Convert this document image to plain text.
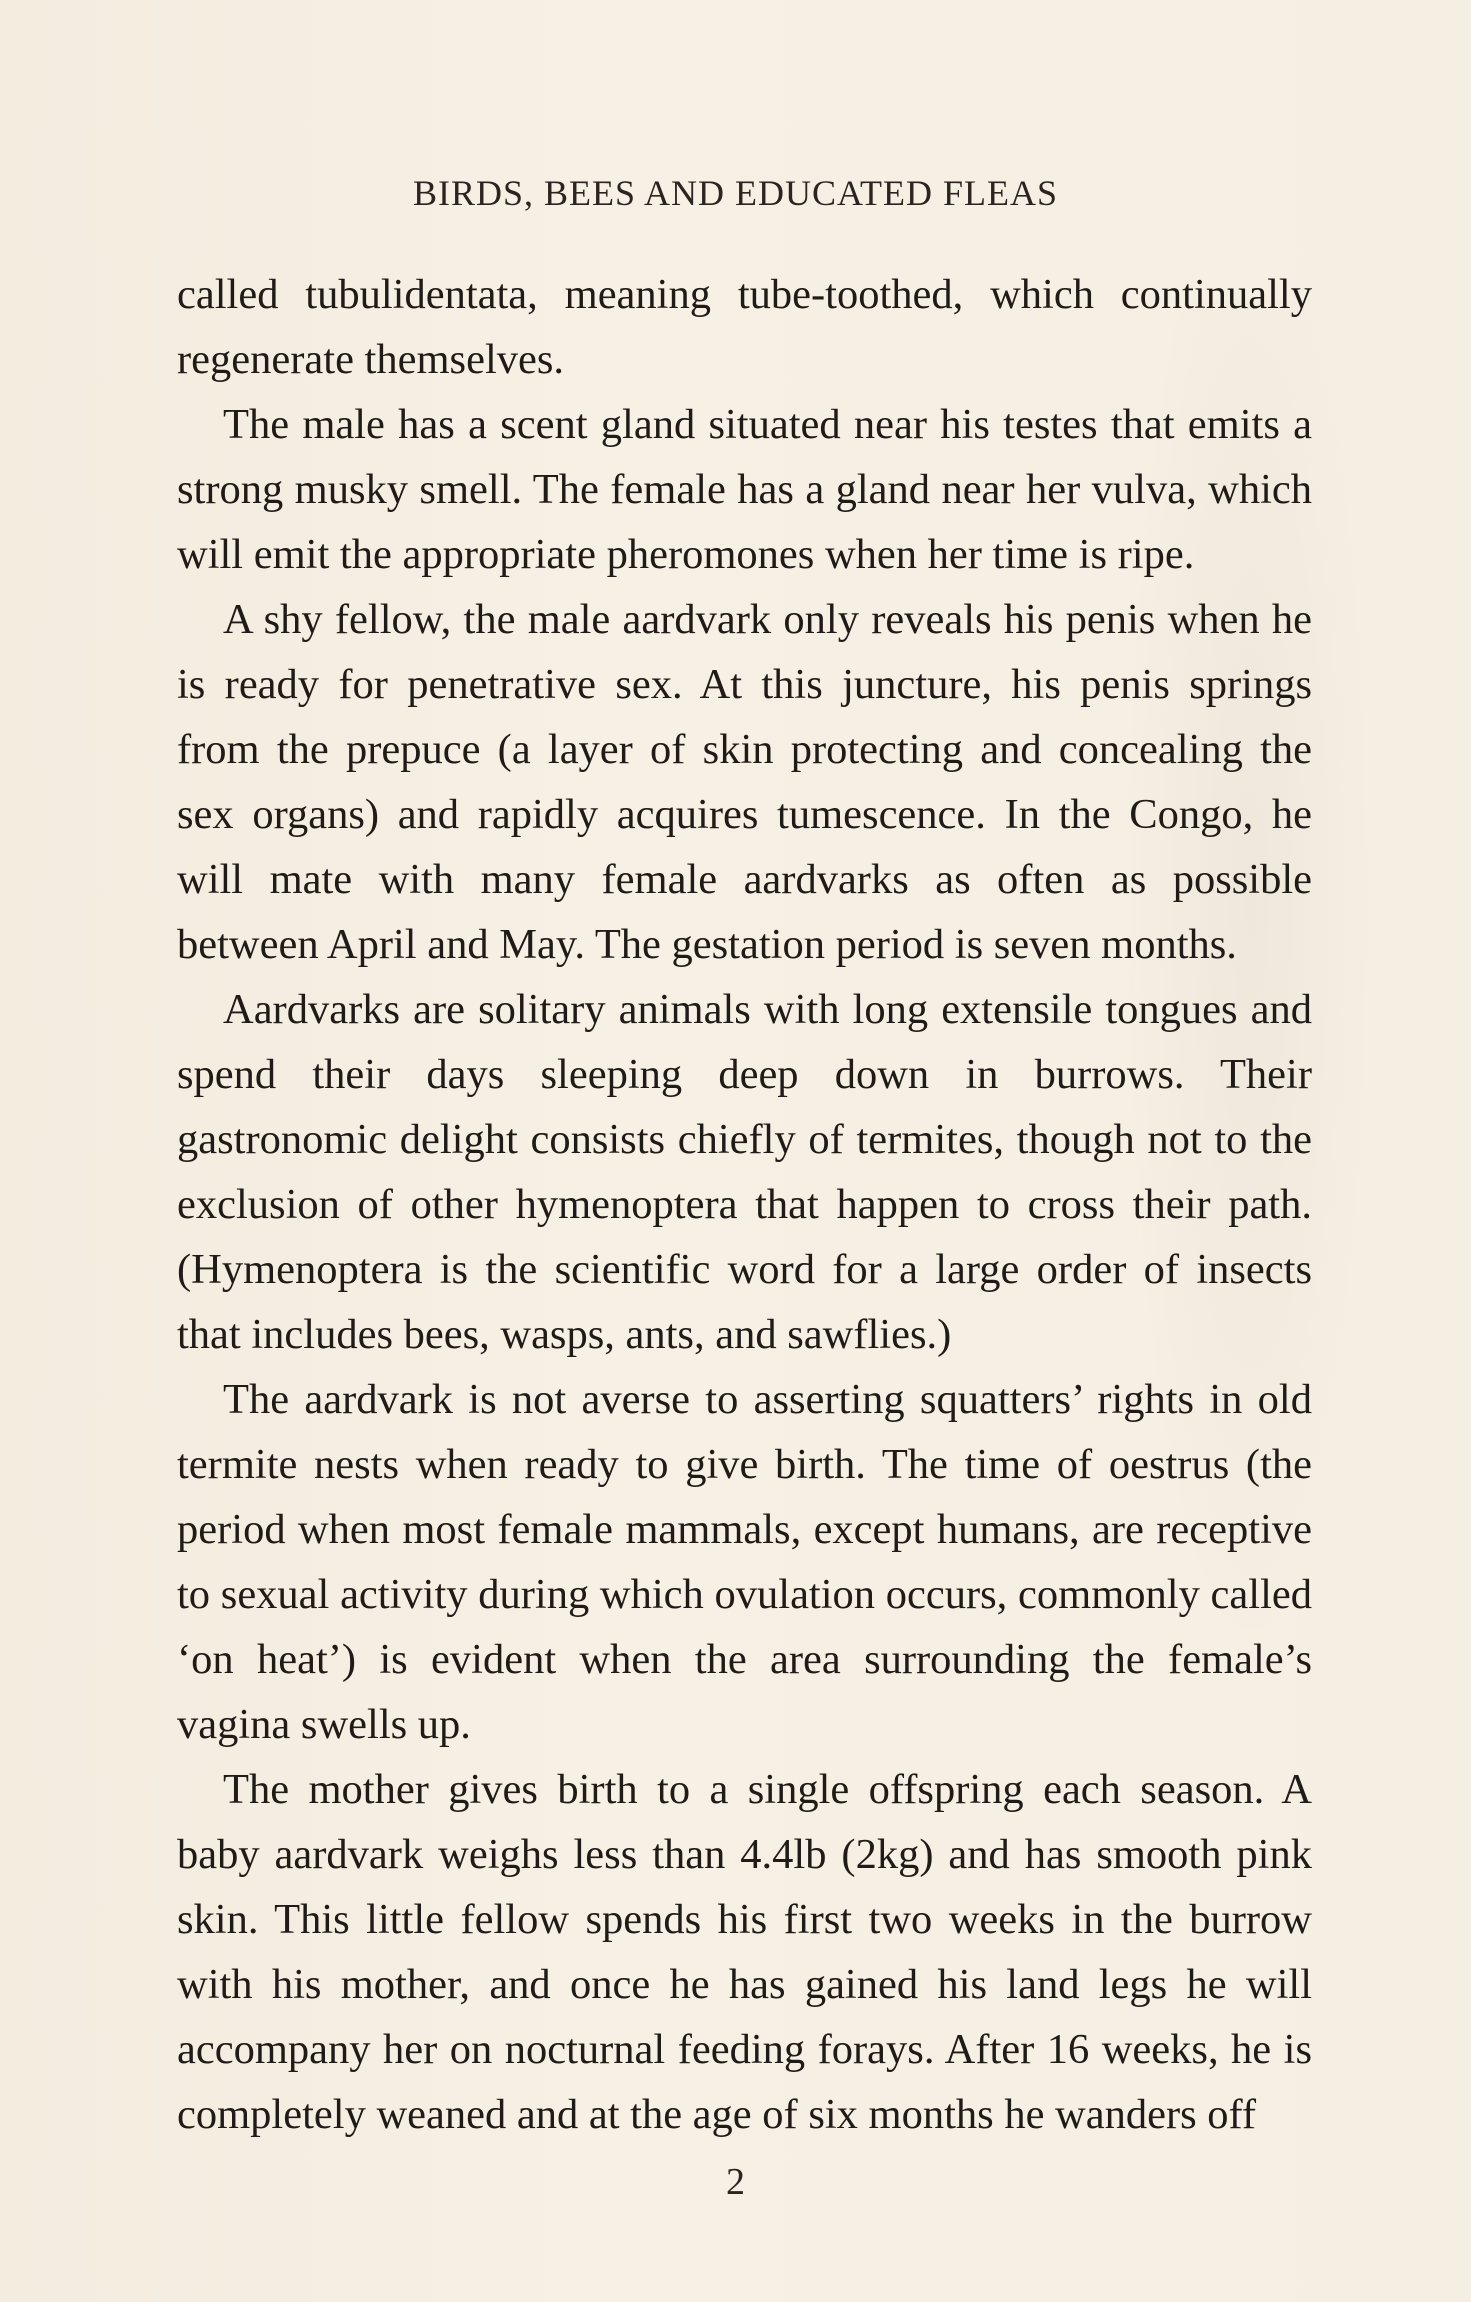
BIRDS, BEES AND EDUCATED FLEAS

called tubulidentata, meaning tube-toothed, which continually regenerate themselves.

The male has a scent gland situated near his testes that emits a strong musky smell. The female has a gland near her vulva, which will emit the appropriate pheromones when her time is ripe.

A shy fellow, the male aardvark only reveals his penis when he is ready for penetrative sex. At this juncture, his penis springs from the prepuce (a layer of skin protecting and concealing the sex organs) and rapidly acquires tumescence. In the Congo, he will mate with many female aardvarks as often as possible between April and May. The gestation period is seven months.

Aardvarks are solitary animals with long extensile tongues and spend their days sleeping deep down in burrows. Their gastronomic delight consists chiefly of termites, though not to the exclusion of other hymenoptera that happen to cross their path. (Hymenoptera is the scientific word for a large order of insects that includes bees, wasps, ants, and sawflies.)

The aardvark is not averse to asserting squatters’ rights in old termite nests when ready to give birth. The time of oestrus (the period when most female mammals, except humans, are receptive to sexual activity during which ovulation occurs, commonly called ‘on heat’) is evident when the area surrounding the female’s vagina swells up.

The mother gives birth to a single offspring each season. A baby aardvark weighs less than 4.4lb (2kg) and has smooth pink skin. This little fellow spends his first two weeks in the burrow with his mother, and once he has gained his land legs he will accompany her on nocturnal feeding forays. After 16 weeks, he is completely weaned and at the age of six months he wanders off

2
